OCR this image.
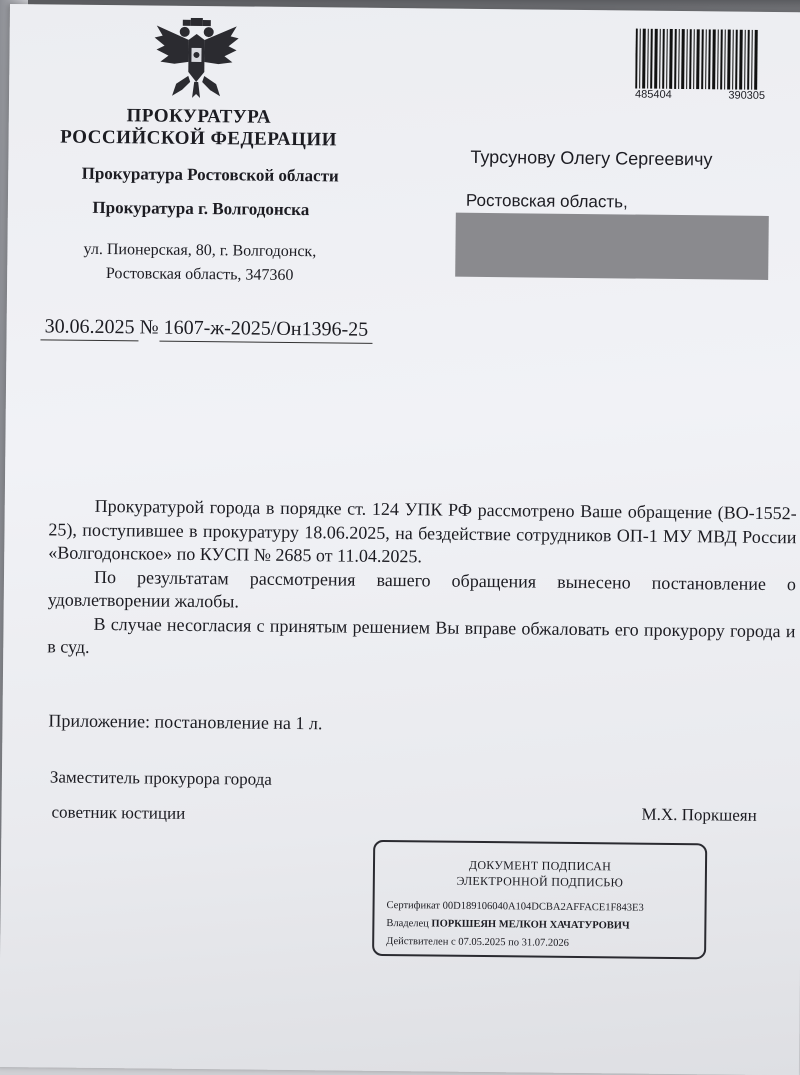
ПРОКУРАТУРА
РОССИЙСКОЙ ФЕДЕРАЦИИ
Прокуратура Ростовской области
Прокуратура г. Волгодонска
ул. Пионерская, 80, г. Волгодонск,
Ростовская область, 347360
30.06.2025 № 1607-ж-2025/Он1396-25
485404	390305
Турсунову Олегу Сергеевичу
Ростовская область,

Прокуратурой города в порядке ст. 124 УПК РФ рассмотрено Ваше обращение (ВО-1552-25), поступившее в прокуратуру 18.06.2025, на бездействие сотрудников ОП-1 МУ МВД России «Волгодонское» по КУСП № 2685 от 11.04.2025.

По результатам рассмотрения вашего обращения вынесено постановление о удовлетворении жалобы.

В случае несогласия с принятым решением Вы вправе обжаловать его прокурору города и в суд.

Приложение: постановление на 1 л.
Заместитель прокурора города
советник юстиции	М.Х. Поркшеян
ДОКУМЕНТ ПОДПИСАН
ЭЛЕКТРОННОЙ ПОДПИСЬЮ
Сертификат 00D189106040A104DCBA2AFFACE1F843E3
Владелец ПОРКШЕЯН МЕЛКОН ХАЧАТУРОВИЧ
Действителен с 07.05.2025 по 31.07.2026
